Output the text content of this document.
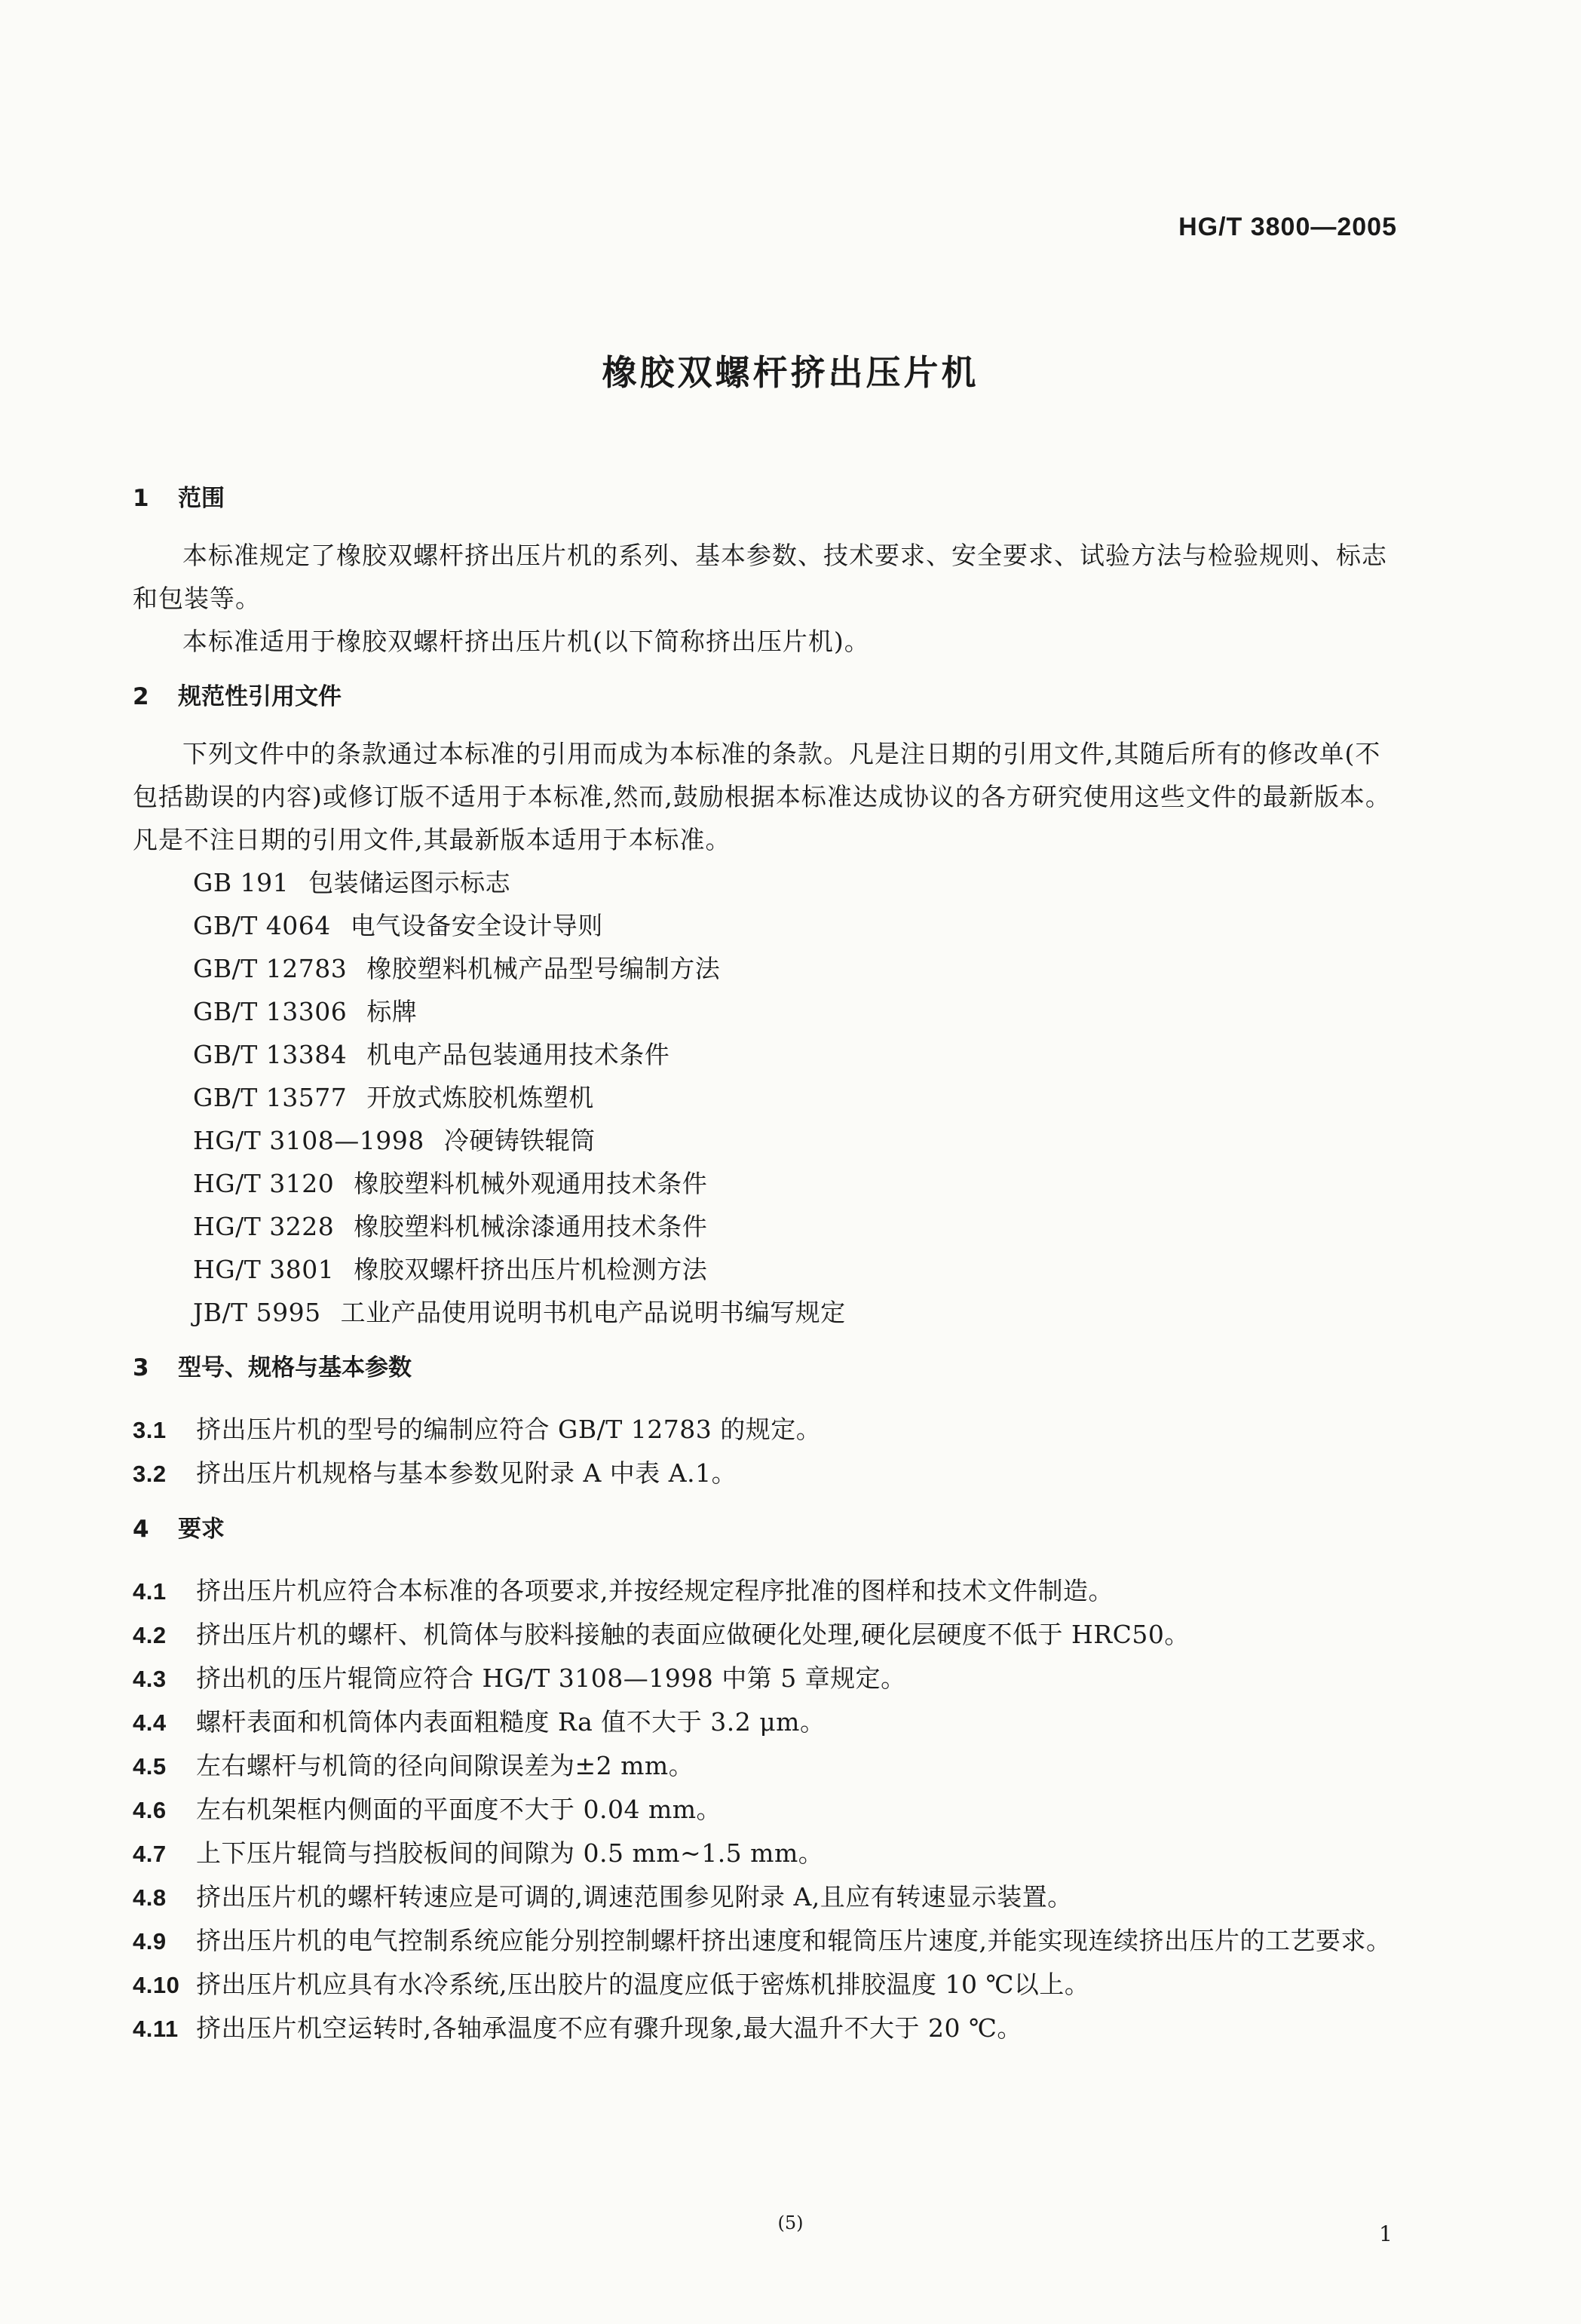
HG/T 3800—2005
橡胶双螺杆挤出压片机
1 范围

本标准规定了橡胶双螺杆挤出压片机的系列、基本参数、技术要求、安全要求、试验方法与检验规则、标志和包装等。

本标准适用于橡胶双螺杆挤出压片机(以下简称挤出压片机)。

2 规范性引用文件

下列文件中的条款通过本标准的引用而成为本标准的条款。凡是注日期的引用文件,其随后所有的修改单(不包括勘误的内容)或修订版不适用于本标准,然而,鼓励根据本标准达成协议的各方研究使用这些文件的最新版本。凡是不注日期的引用文件,其最新版本适用于本标准。

GB 191 包装储运图示标志
GB/T 4064 电气设备安全设计导则
GB/T 12783 橡胶塑料机械产品型号编制方法
GB/T 13306 标牌
GB/T 13384 机电产品包装通用技术条件
GB/T 13577 开放式炼胶机炼塑机
HG/T 3108—1998 冷硬铸铁辊筒
HG/T 3120 橡胶塑料机械外观通用技术条件
HG/T 3228 橡胶塑料机械涂漆通用技术条件
HG/T 3801 橡胶双螺杆挤出压片机检测方法
JB/T 5995 工业产品使用说明书机电产品说明书编写规定
3 型号、规格与基本参数

3.1 挤出压片机的型号的编制应符合 GB/T 12783 的规定。

3.2 挤出压片机规格与基本参数见附录 A 中表 A.1。

4 要求

4.1 挤出压片机应符合本标准的各项要求,并按经规定程序批准的图样和技术文件制造。

4.2 挤出压片机的螺杆、机筒体与胶料接触的表面应做硬化处理,硬化层硬度不低于 HRC50。

4.3 挤出机的压片辊筒应符合 HG/T 3108—1998 中第 5 章规定。

4.4 螺杆表面和机筒体内表面粗糙度 Ra 值不大于 3.2 μm。

4.5 左右螺杆与机筒的径向间隙误差为±2 mm。

4.6 左右机架框内侧面的平面度不大于 0.04 mm。

4.7 上下压片辊筒与挡胶板间的间隙为 0.5 mm~1.5 mm。

4.8 挤出压片机的螺杆转速应是可调的,调速范围参见附录 A,且应有转速显示装置。

4.9 挤出压片机的电气控制系统应能分别控制螺杆挤出速度和辊筒压片速度,并能实现连续挤出压片的工艺要求。

4.10 挤出压片机应具有水冷系统,压出胶片的温度应低于密炼机排胶温度 10 ℃以上。

4.11 挤出压片机空运转时,各轴承温度不应有骤升现象,最大温升不大于 20 ℃。

(5)	1
